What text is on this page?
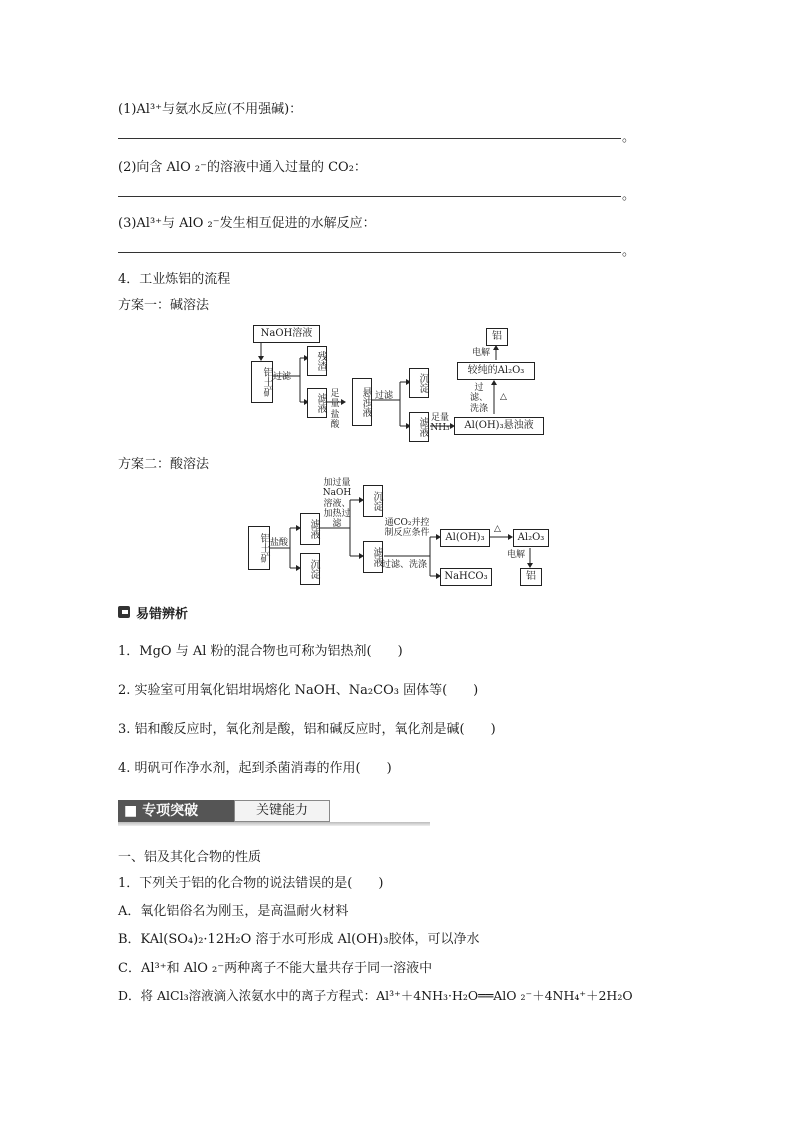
(1)Al³⁺与氨水反应(不用强碱)：
。
(2)向含 AlO ₂⁻的溶液中通入过量的 CO₂：
。
(3)Al³⁺与 AlO ₂⁻发生相互促进的水解反应：
。
4．工业炼铝的流程
方案一：碱溶法
NaOH溶液
铝土矿 过滤
残渣
滤液 足量盐酸
悬浊液 过滤
沉淀
滤液 足量NH₃	Al(OH)₃悬浊液
过滤、洗涤
△
较纯的Al₂O₃
电解
铝
方案二：酸溶法
铝土矿 盐酸
滤液
沉淀
加过量NaOH溶液、加热过滤
沉淀
滤液
通CO₂并控制反应条件
过滤、洗涤
Al(OH)₃
NaHCO₃
△
Al₂O₃
电解
铝
易错辨析
1．MgO 与 Al 粉的混合物也可称为铝热剂(　　)
2. 实验室可用氧化铝坩埚熔化 NaOH、Na₂CO₃ 固体等(　　)
3. 铝和酸反应时，氧化剂是酸，铝和碱反应时，氧化剂是碱(　　)
4. 明矾可作净水剂，起到杀菌消毒的作用(　　)
■ 专项突破	关键能力
一、铝及其化合物的性质
1．下列关于铝的化合物的说法错误的是(　　)
A．氧化铝俗名为刚玉，是高温耐火材料
B．KAl(SO₄)₂·12H₂O 溶于水可形成 Al(OH)₃胶体，可以净水
C．Al³⁺和 AlO ₂⁻两种离子不能大量共存于同一溶液中
D．将 AlCl₃溶液滴入浓氨水中的离子方程式：Al³⁺＋4NH₃·H₂O══AlO ₂⁻＋4NH₄⁺＋2H₂O
